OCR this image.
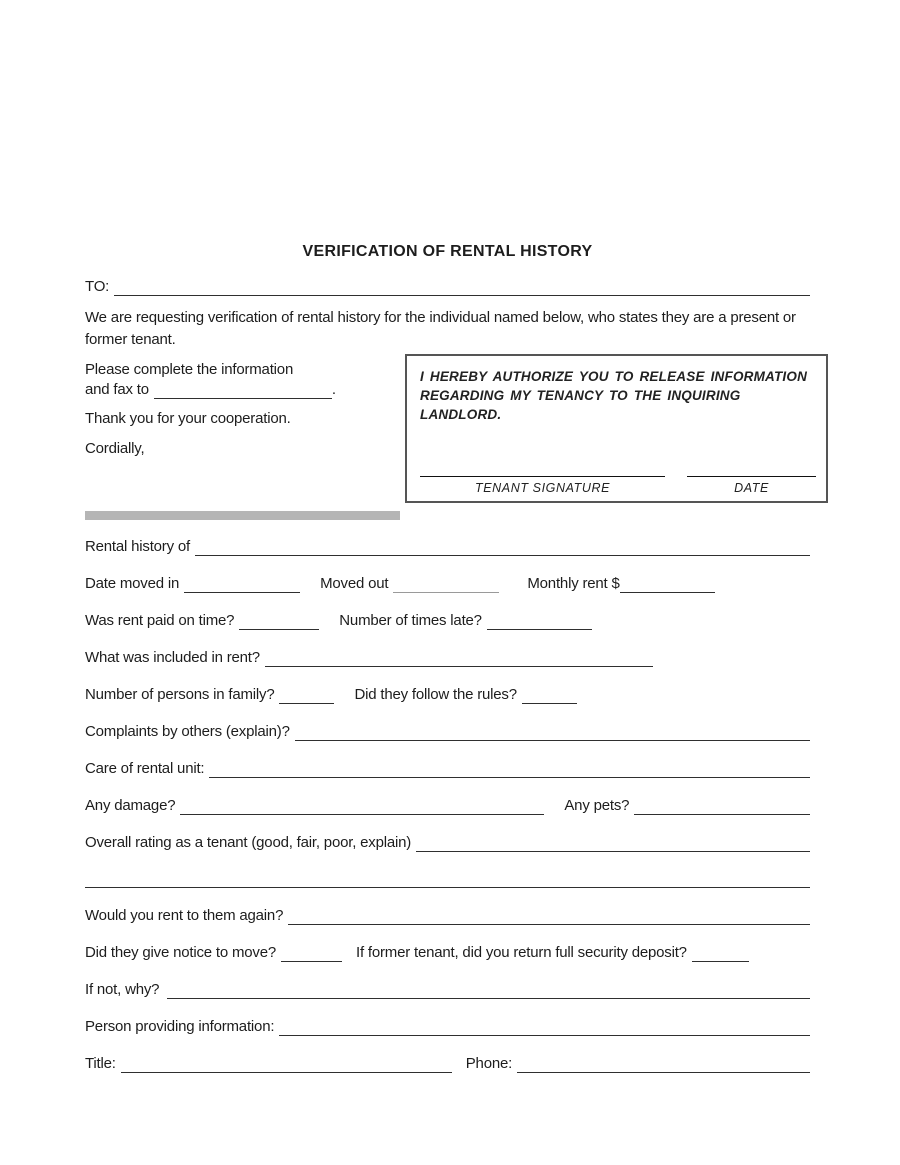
VERIFICATION OF RENTAL HISTORY
TO:

We are requesting verification of rental history for the individual named below, who states they are a present or former tenant.

Please complete the information
and fax to	.
Thank you for your cooperation.
Cordially,
I HEREBY AUTHORIZE YOU TO RELEASE INFORMATION REGARDING MY TENANCY TO THE INQUIRING LANDLORD.
TENANT SIGNATURE	DATE
Rental history of
Date moved in	Moved out	Monthly rent $
Was rent paid on time?	Number of times late?
What was included in rent?
Number of persons in family?	Did they follow the rules?
Complaints by others (explain)?
Care of rental unit:
Any damage?	Any pets?
Overall rating as a tenant (good, fair, poor, explain)
Would you rent to them again?
Did they give notice to move?	If former tenant, did you return full security deposit?
If not, why?
Person providing information:
Title:	Phone:
